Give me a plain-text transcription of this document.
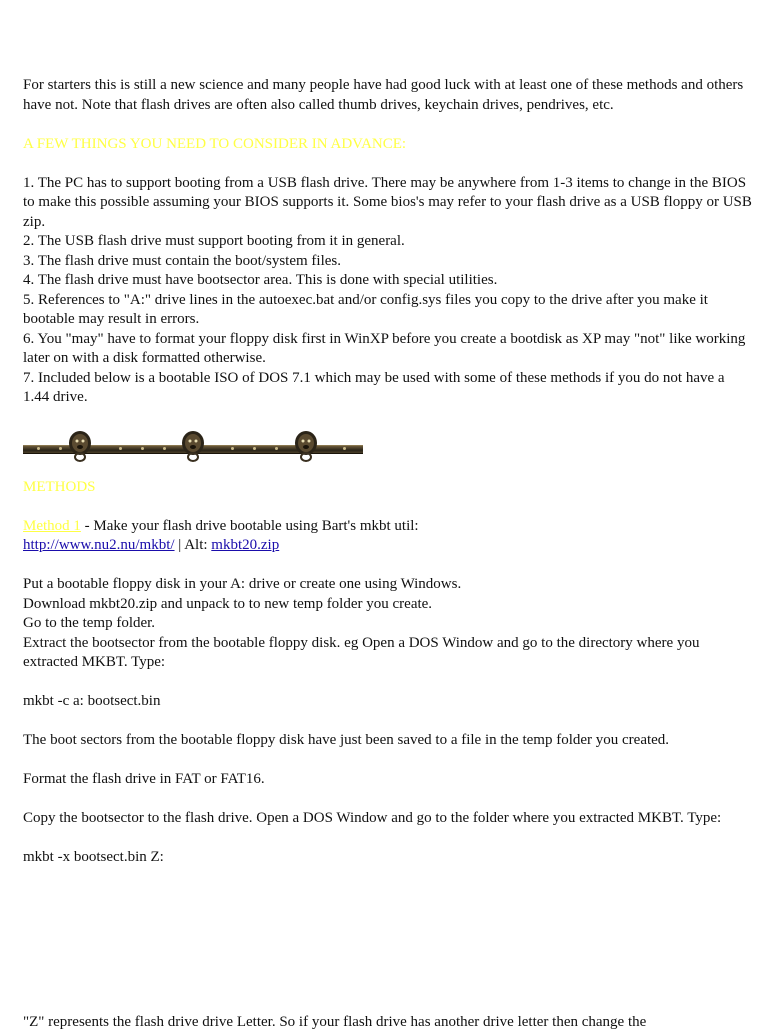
For starters this is still a new science and many people have had good luck with at least one of these methods and others have not. Note that flash drives are often also called thumb drives, keychain drives, pendrives, etc.

A FEW THINGS YOU NEED TO CONSIDER IN ADVANCE:

1. The PC has to support booting from a USB flash drive. There may be anywhere from 1-3 items to change in the BIOS to make this possible assuming your BIOS supports it. Some bios's may refer to your flash drive as a USB floppy or USB zip.

2. The USB flash drive must support booting from it in general.

3. The flash drive must contain the boot/system files.

4. The flash drive must have bootsector area. This is done with special utilities.

5. References to "A:" drive lines in the autoexec.bat and/or config.sys files you copy to the drive after you make it bootable may result in errors.

6. You "may" have to format your floppy disk first in WinXP before you create a bootdisk as XP may "not" like working later on with a disk formatted otherwise.

7. Included below is a bootable ISO of DOS 7.1 which may be used with some of these methods if you do not have a 1.44 drive.

METHODS

Method 1 - Make your flash drive bootable using Bart's mkbt util:

http://www.nu2.nu/mkbt/ | Alt: mkbt20.zip

Put a bootable floppy disk in your A: drive or create one using Windows.

Download mkbt20.zip and unpack to to new temp folder you create.

Go to the temp folder.

Extract the bootsector from the bootable floppy disk. eg Open a DOS Window and go to the directory where you extracted MKBT. Type:

mkbt -c a: bootsect.bin

The boot sectors from the bootable floppy disk have just been saved to a file in the temp folder you created.

Format the flash drive in FAT or FAT16.

Copy the bootsector to the flash drive. Open a DOS Window and go to the folder where you extracted MKBT. Type:

mkbt -x bootsect.bin Z:

"Z" represents the flash drive drive Letter. So if your flash drive has another drive letter then change the
